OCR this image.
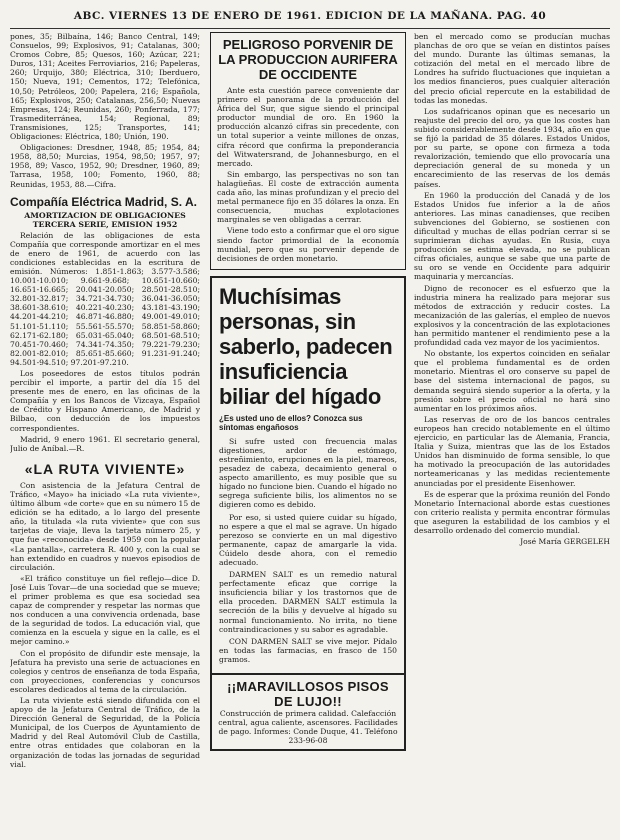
ABC. VIERNES 13 DE ENERO DE 1961. EDICION DE LA MAÑANA. PAG. 40

pones, 35; Bilbaína, 146; Banco Central, 149; Consuelos, 99; Explosivos, 91; Catalanas, 300; Cromos Cobre, 85; Quesos, 160; Azúcar, 221; Duros, 131; Aceites Ferroviarios, 216; Papeleras, 260; Urquijo, 380; Eléctrica, 310; Iberduero, 150; Nueva, 191; Cementos, 172; Telefónica, 10,50; Petróleos, 200; Papelera, 216; Española, 165; Explosivos, 250; Catalanas, 256,50; Nuevas Empresas, 124; Reunidas, 260; Ponferrada, 177; Trasmediterránea, 154; Regional, 89; Transmisiones, 125; Transportes, 141; Obligaciones: Eléctrica, 180; Unión, 190.

Obligaciones: Dresdner, 1948, 85; 1954, 84; 1958, 88,50; Murcias, 1954, 98,50; 1957, 97; 1958, 89; Vasco, 1952, 90; Dresdner, 1960, 89; Tarrasa, 1958, 100; Fomento, 1960, 88; Reunidas, 1953, 88.—Cifra.

Compañía Eléctrica Madrid, S. A.
AMORTIZACION DE OBLIGACIONES
TERCERA SERIE, EMISION 1952

Relación de las obligaciones de esta Compañía que corresponde amortizar en el mes de enero de 1961, de acuerdo con las condiciones establecidas en la escritura de emisión. Números: 1.851-1.863; 3.577-3.586; 10.001-10.010; 9.661-9.668; 10.651-10.660; 16.651-16.665; 20.041-20.050; 28.501-28.510; 32.801-32.817; 34.721-34.730; 36.041-36.050; 38.601-38.610; 40.221-40.230; 43.181-43.190; 44.201-44.210; 46.871-46.880; 49.001-49.010; 51.101-51.110; 55.561-55.570; 58.851-58.860; 62.171-62.180; 65.031-65.040; 68.501-68.510; 70.451-70.460; 74.341-74.350; 79.221-79.230; 82.001-82.010; 85.651-85.660; 91.231-91.240; 94.501-94.510; 97.201-97.210.

Los poseedores de estos títulos podrán percibir el importe, a partir del día 15 del presente mes de enero, en las oficinas de la Compañía y en los Bancos de Vizcaya, Español de Crédito y Hispano Americano, de Madrid y Bilbao, con deducción de los impuestos correspondientes.

Madrid, 9 enero 1961. El secretario general, Julio de Aníbal.—R.

«LA RUTA VIVIENTE»

Con asistencia de la Jefatura Central de Tráfico, «Mayo» ha iniciado «La ruta viviente», último álbum «de corte» que en su número 15 de edición se ha editado, a lo largo del presente año, la titulada «la ruta viviente» que con sus tarjetas de viaje, lleva la tarjeta número 25, y que fue «reconocida» desde 1959 con la popular «La pantalla», carretera R. 400 y, con la cual se han extendido en cuadros y nuevos episodios de circulación.

«El tráfico constituye un fiel reflejo—dice D. José Luis Tovar—de una sociedad que se mueve; el primer problema es que esa sociedad sea capaz de comprender y respetar las normas que nos conducen a una convivencia ordenada, base de la seguridad de todos. La educación vial, que comienza en la escuela y sigue en la calle, es el mejor camino.»

Con el propósito de difundir este mensaje, la Jefatura ha previsto una serie de actuaciones en colegios y centros de enseñanza de toda España, con proyecciones, conferencias y concursos escolares dedicados al tema de la circulación.

La ruta viviente está siendo difundida con el apoyo de la Jefatura Central de Tráfico, de la Dirección General de Seguridad, de la Policía Municipal, de los Cuerpos de Ayuntamiento de Madrid y del Real Automóvil Club de Castilla, entre otras entidades que colaboran en la organización de todas las jornadas de seguridad vial.

PELIGROSO PORVENIR DE LA PRODUCCION AURIFERA DE OCCIDENTE

Ante esta cuestión parece conveniente dar primero el panorama de la producción del África del Sur, que sigue siendo el principal productor mundial de oro. En 1960 la producción alcanzó cifras sin precedente, con un total superior a veinte millones de onzas, cifra récord que confirma la preponderancia del Witwatersrand, de Johannesburgo, en el mercado.

Sin embargo, las perspectivas no son tan halagüeñas. El coste de extracción aumenta cada año, las minas profundizan y el precio del metal permanece fijo en 35 dólares la onza. En consecuencia, muchas explotaciones marginales se ven obligadas a cerrar.

Viene todo esto a confirmar que el oro sigue siendo factor primordial de la economía mundial, pero que su porvenir depende de decisiones de orden monetario.

Muchísimas personas, sin saberlo, padecen insuficiencia biliar del hígado
¿Es usted uno de ellos? Conozca sus síntomas engañosos

Si sufre usted con frecuencia malas digestiones, ardor de estómago, estreñimiento, erupciones en la piel, mareos, pesadez de cabeza, decaimiento general o aspecto amarillento, es muy posible que su hígado no funcione bien. Cuando el hígado no segrega suficiente bilis, los alimentos no se digieren como es debido.

Por eso, si usted quiere cuidar su hígado, no espere a que el mal se agrave. Un hígado perezoso se convierte en un mal digestivo permanente, capaz de amargarle la vida. Cúidelo desde ahora, con el remedio adecuado.

DARMEN SALT es un remedio natural perfectamente eficaz que corrige la insuficiencia biliar y los trastornos que de ella proceden. DARMEN SALT estimula la secreción de la bilis y devuelve al hígado su normal funcionamiento. No irrita, no tiene contraindicaciones y su sabor es agradable.

CON DARMEN SALT se vive mejor. Pídalo en todas las farmacias, en frasco de 150 gramos.

¡¡MARAVILLOSOS PISOS DE LUJO!!
Construcción de primera calidad. Calefacción central, agua caliente, ascensores. Facilidades de pago. Informes: Conde Duque, 41. Teléfono 233-96-08

ben el mercado como se producían muchas planchas de oro que se veían en distintos países del mundo. Durante las últimas semanas, la cotización del metal en el mercado libre de Londres ha sufrido fluctuaciones que inquietan a los medios financieros, pues cualquier alteración del precio oficial repercute en la estabilidad de todas las monedas.

Los sudafricanos opinan que es necesario un reajuste del precio del oro, ya que los costes han subido considerablemente desde 1934, año en que se fijó la paridad de 35 dólares. Estados Unidos, por su parte, se opone con firmeza a toda revalorización, temiendo que ello provocaría una depreciación general de su moneda y un encarecimiento de las reservas de los demás países.

En 1960 la producción del Canadá y de los Estados Unidos fue inferior a la de años anteriores. Las minas canadienses, que reciben subvenciones del Gobierno, se sostienen con dificultad y muchas de ellas podrían cerrar si se suprimieran dichas ayudas. En Rusia, cuya producción se estima elevada, no se publican cifras oficiales, aunque se sabe que una parte de su oro se vende en Occidente para adquirir maquinaria y mercancías.

Digno de reconocer es el esfuerzo que la industria minera ha realizado para mejorar sus métodos de extracción y reducir costes. La mecanización de las galerías, el empleo de nuevos explosivos y la concentración de las explotaciones han permitido mantener el rendimiento pese a la profundidad cada vez mayor de los yacimientos.

No obstante, los expertos coinciden en señalar que el problema fundamental es de orden monetario. Mientras el oro conserve su papel de base del sistema internacional de pagos, su demanda seguirá siendo superior a la oferta, y la presión sobre el precio oficial no hará sino aumentar en los próximos años.

Las reservas de oro de los bancos centrales europeos han crecido notablemente en el último ejercicio, en particular las de Alemania, Francia, Italia y Suiza, mientras que las de los Estados Unidos han disminuido de forma sensible, lo que ha motivado la preocupación de las autoridades norteamericanas y las medidas recientemente anunciadas por el presidente Eisenhower.

Es de esperar que la próxima reunión del Fondo Monetario Internacional aborde estas cuestiones con criterio realista y permita encontrar fórmulas que aseguren la estabilidad de los cambios y el desarrollo ordenado del comercio mundial.

José María GERGELEH
